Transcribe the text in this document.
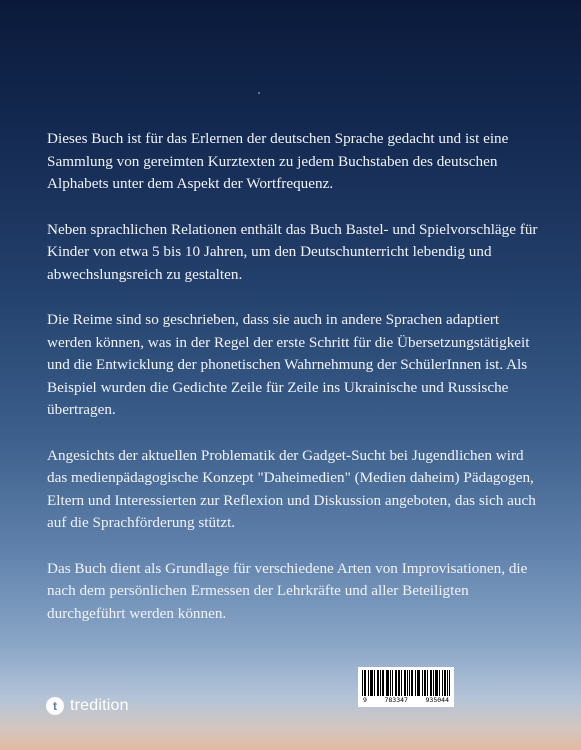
Dieses Buch ist für das Erlernen der deutschen Sprache gedacht und ist eine Sammlung von gereimten Kurztexten zu jedem Buchstaben des deutschen Alphabets unter dem Aspekt der Wortfrequenz.

Neben sprachlichen Relationen enthält das Buch Bastel- und Spielvorschläge für Kinder von etwa 5 bis 10 Jahren, um den Deutschunterricht lebendig und abwechslungsreich zu gestalten.

Die Reime sind so geschrieben, dass sie auch in andere Sprachen adaptiert werden können, was in der Regel der erste Schritt für die Übersetzungstätigkeit und die Entwicklung der phonetischen Wahrnehmung der SchülerInnen ist. Als Beispiel wurden die Gedichte Zeile für Zeile ins Ukrainische und Russische übertragen.

Angesichts der aktuellen Problematik der Gadget-Sucht bei Jugendlichen wird das medienpädagogische Konzept "Daheimedien" (Medien daheim) Pädagogen, Eltern und Interessierten zur Reflexion und Diskussion angeboten, das sich auch auf die Sprachförderung stützt.

Das Buch dient als Grundlage für verschiedene Arten von Improvisationen, die nach dem persönlichen Ermessen der Lehrkräfte und aller Beteiligten durchgeführt werden können.

9	783347	935044
t tredition
